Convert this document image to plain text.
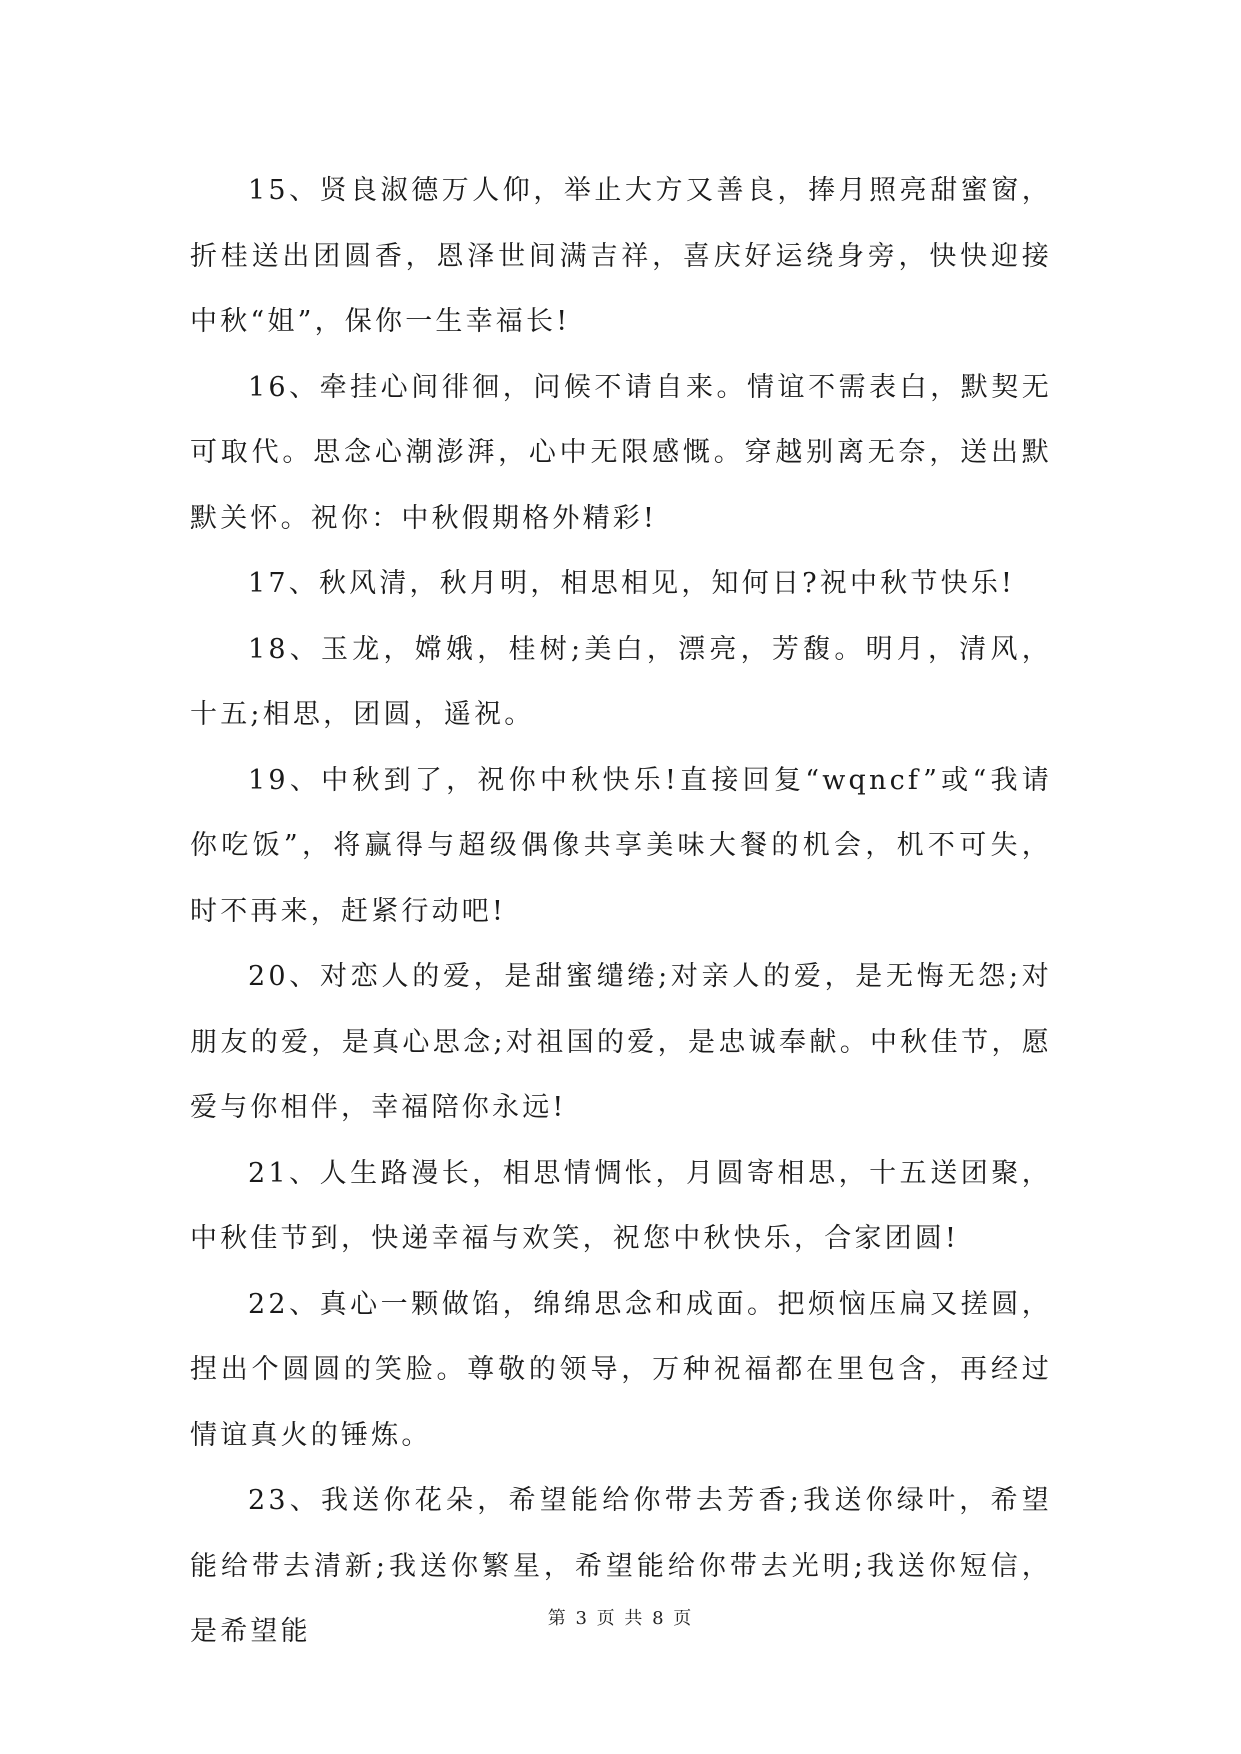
15、贤良淑德万人仰，举止大方又善良，捧月照亮甜蜜窗，折桂送出团圆香，恩泽世间满吉祥，喜庆好运绕身旁，快快迎接中秋“姐”，保你一生幸福长!

16、牵挂心间徘徊，问候不请自来。情谊不需表白，默契无可取代。思念心潮澎湃，心中无限感慨。穿越别离无奈，送出默默关怀。祝你：中秋假期格外精彩!

17、秋风清，秋月明，相思相见，知何日?祝中秋节快乐!

18、玉龙，嫦娥，桂树;美白，漂亮，芳馥。明月，清风，十五;相思，团圆，遥祝。

19、中秋到了，祝你中秋快乐!直接回复“wqncf”或“我请你吃饭”，将赢得与超级偶像共享美味大餐的机会，机不可失，时不再来，赶紧行动吧!

20、对恋人的爱，是甜蜜缱绻;对亲人的爱，是无悔无怨;对朋友的爱，是真心思念;对祖国的爱，是忠诚奉献。中秋佳节，愿爱与你相伴，幸福陪你永远!

21、人生路漫长，相思情惆怅，月圆寄相思，十五送团聚，中秋佳节到，快递幸福与欢笑，祝您中秋快乐，合家团圆!

22、真心一颗做馅，绵绵思念和成面。把烦恼压扁又搓圆，捏出个圆圆的笑脸。尊敬的领导，万种祝福都在里包含，再经过情谊真火的锤炼。

23、我送你花朵，希望能给你带去芳香;我送你绿叶，希望能给带去清新;我送你繁星，希望能给你带去光明;我送你短信，是希望能	第 3 页 共 8 页
